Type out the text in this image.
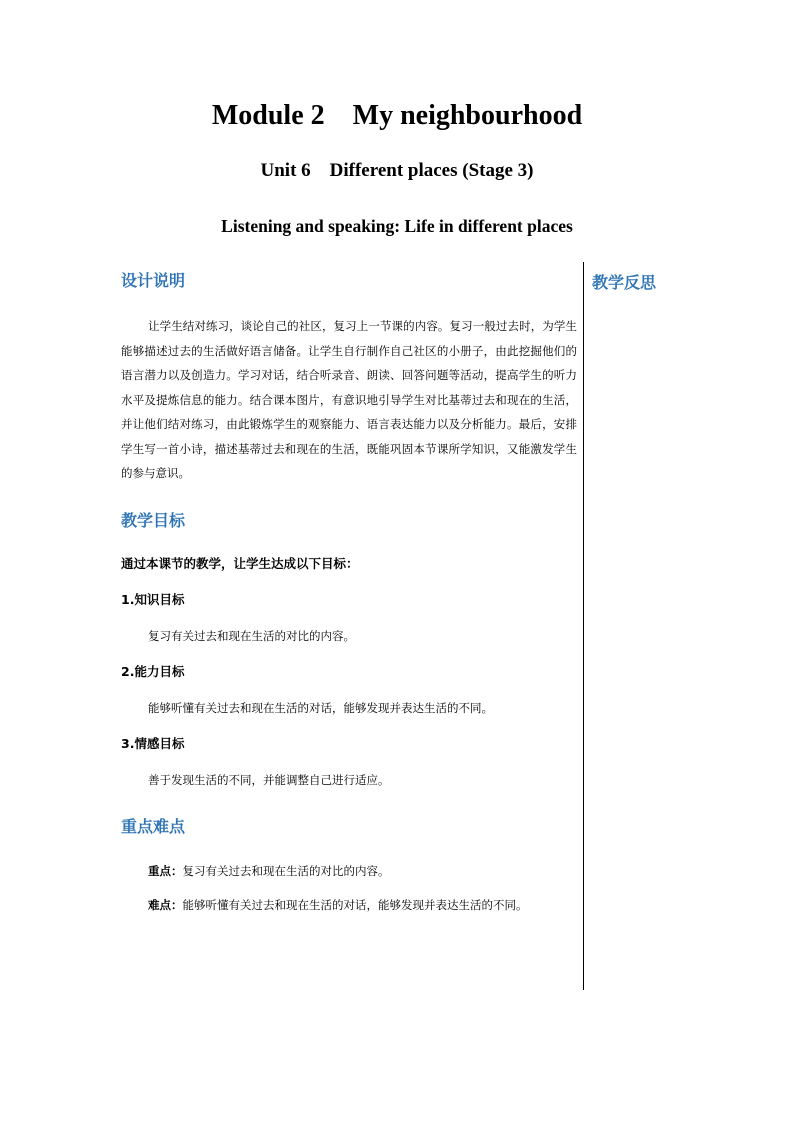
Module 2    My neighbourhood
Unit 6    Different places (Stage 3)
Listening and speaking: Life in different places
教学反思

设计说明

让学生结对练习，谈论自己的社区，复习上一节课的内容。复习一般过去时，为学生能够描述过去的生活做好语言储备。让学生自行制作自己社区的小册子，由此挖掘他们的语言潜力以及创造力。学习对话，结合听录音、朗读、回答问题等活动，提高学生的听力水平及提炼信息的能力。结合课本图片，有意识地引导学生对比基蒂过去和现在的生活，并让他们结对练习，由此锻炼学生的观察能力、语言表达能力以及分析能力。最后，安排学生写一首小诗，描述基蒂过去和现在的生活，既能巩固本节课所学知识，又能激发学生的参与意识。

教学目标

通过本课节的教学，让学生达成以下目标：

1.知识目标

复习有关过去和现在生活的对比的内容。

2.能力目标

能够听懂有关过去和现在生活的对话，能够发现并表达生活的不同。

3.情感目标

善于发现生活的不同，并能调整自己进行适应。

重点难点

重点：复习有关过去和现在生活的对比的内容。

难点：能够听懂有关过去和现在生活的对话，能够发现并表达生活的不同。
